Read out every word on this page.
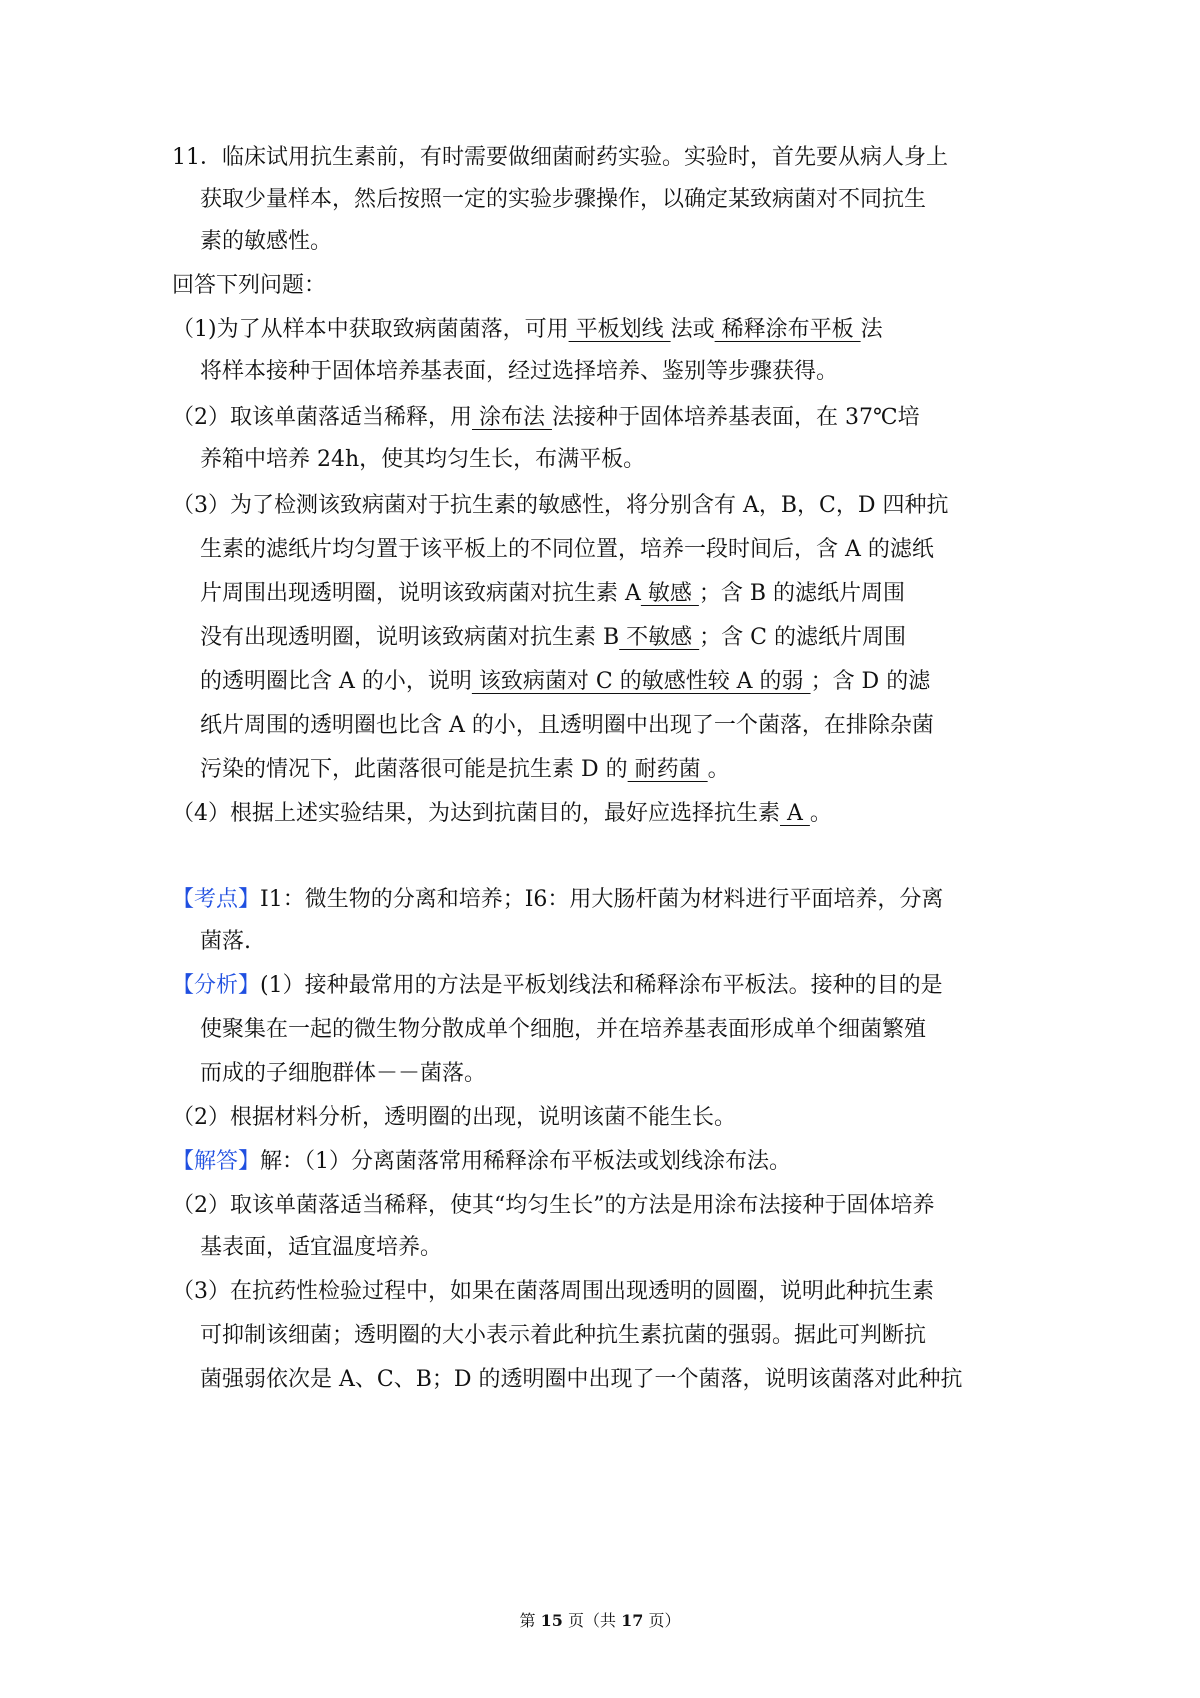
11．临床试用抗生素前，有时需要做细菌耐药实验。实验时，首先要从病人身上
获取少量样本，然后按照一定的实验步骤操作，以确定某致病菌对不同抗生
素的敏感性。
回答下列问题：
（1)为了从样本中获取致病菌菌落，可用 平板划线 法或 稀释涂布平板 法
将样本接种于固体培养基表面，经过选择培养、鉴别等步骤获得。
（2）取该单菌落适当稀释，用 涂布法 法接种于固体培养基表面，在 37℃培
养箱中培养 24h，使其均匀生长，布满平板。
（3）为了检测该致病菌对于抗生素的敏感性，将分别含有 A，B，C，D 四种抗
生素的滤纸片均匀置于该平板上的不同位置，培养一段时间后，含 A 的滤纸
片周围出现透明圈，说明该致病菌对抗生素 A 敏感 ；含 B 的滤纸片周围
没有出现透明圈，说明该致病菌对抗生素 B 不敏感 ；含 C 的滤纸片周围
的透明圈比含 A 的小，说明 该致病菌对 C 的敏感性较 A 的弱 ；含 D 的滤
纸片周围的透明圈也比含 A 的小，且透明圈中出现了一个菌落，在排除杂菌
污染的情况下，此菌落很可能是抗生素 D 的 耐药菌 。
（4）根据上述实验结果，为达到抗菌目的，最好应选择抗生素 A 。
【考点】I1：微生物的分离和培养；I6：用大肠杆菌为材料进行平面培养，分离
菌落.
【分析】(1）接种最常用的方法是平板划线法和稀释涂布平板法。接种的目的是
使聚集在一起的微生物分散成单个细胞，并在培养基表面形成单个细菌繁殖
而成的子细胞群体－－菌落。
（2）根据材料分析，透明圈的出现，说明该菌不能生长。
【解答】解：（1）分离菌落常用稀释涂布平板法或划线涂布法。
（2）取该单菌落适当稀释，使其“均匀生长”的方法是用涂布法接种于固体培养
基表面，适宜温度培养。
（3）在抗药性检验过程中，如果在菌落周围出现透明的圆圈，说明此种抗生素
可抑制该细菌；透明圈的大小表示着此种抗生素抗菌的强弱。据此可判断抗
菌强弱依次是 A、C、B；D 的透明圈中出现了一个菌落，说明该菌落对此种抗
第 15 页（共 17 页）
